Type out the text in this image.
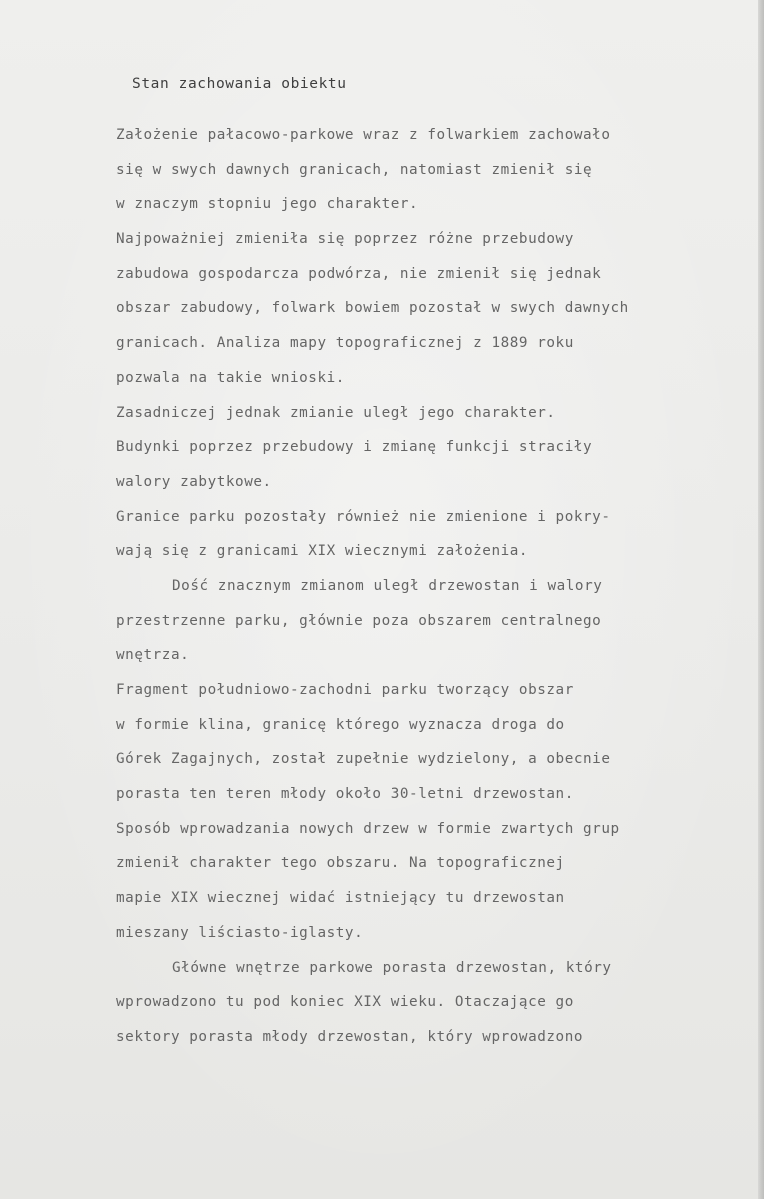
Stan zachowania obiektu
Założenie pałacowo-parkowe wraz z folwarkiem zachowało
się w swych dawnych granicach, natomiast zmienił się
w znaczym stopniu jego charakter.
Najpoważniej zmieniła się poprzez różne przebudowy
zabudowa gospodarcza podwórza, nie zmienił się jednak
obszar zabudowy, folwark bowiem pozostał w swych dawnych
granicach. Analiza mapy topograficznej z 1889 roku
pozwala na takie wnioski.
Zasadniczej jednak zmianie uległ jego charakter.
Budynki poprzez przebudowy i zmianę funkcji straciły
walory zabytkowe.
Granice parku pozostały również nie zmienione i pokry-
wają się z granicami XIX wiecznymi założenia.
Dość znacznym zmianom uległ drzewostan i walory
przestrzenne parku, głównie poza obszarem centralnego
wnętrza.
Fragment południowo-zachodni parku tworzący obszar
w formie klina, granicę którego wyznacza droga do
Górek Zagajnych, został zupełnie wydzielony, a obecnie
porasta ten teren młody około 30-letni drzewostan.
Sposób wprowadzania nowych drzew w formie zwartych grup
zmienił charakter tego obszaru. Na topograficznej
mapie XIX wiecznej widać istniejący tu drzewostan
mieszany liściasto-iglasty.
Główne wnętrze parkowe porasta drzewostan, który
wprowadzono tu pod koniec XIX wieku. Otaczające go
sektory porasta młody drzewostan, który wprowadzono
